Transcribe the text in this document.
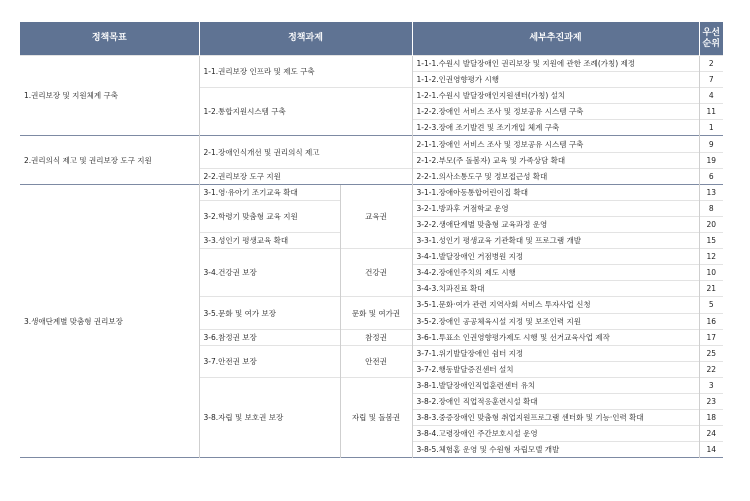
정책목표	정책과제		세부추진과제	우선
순위
1.권리보장 및 지원체계 구축	1-1.권리보장 인프라 및 제도 구축		1-1-1.수원시 발달장애인 권리보장 및 지원에 관한 조례(가칭) 제정	2
			1-1-2.인권영향평가 시행	7
	1-2.통합지원시스템 구축		1-2-1.수원시 발달장애인지원센터(가칭) 설치	4
			1-2-2.장애인 서비스 조사 및 정보공유 시스템 구축	11
			1-2-3.장애 조기발견 및 조기개입 체계 구축	1
2.권리의식 제고 및 권리보장 도구 지원	2-1.장애인식개선 및 권리의식 제고		2-1-1.장애인 서비스 조사 및 정보공유 시스템 구축	9
			2-1-2.부모(주 돌봄자) 교육 및 가족상담 확대	19
	2-2.권리보장 도구 지원		2-2-1.의사소통도구 및 정보접근성 확대	6
3.생애단계별 맞춤형 권리보장	3-1.영·유아기 조기교육 확대	교육권	3-1-1.장애아동통합어린이집 확대	13
	3-2.학령기 맞춤형 교육 지원		3-2-1.방과후 거점학교 운영	8
			3-2-2.생애단계별 맞춤형 교육과정 운영	20
	3-3.성인기 평생교육 확대		3-3-1.성인기 평생교육 기관확대 및 프로그램 개발	15
	3-4.건강권 보장	건강권	3-4-1.발달장애인 거점병원 지정	12
			3-4-2.장애인주치의 제도 시행	10
			3-4-3.치과진료 확대	21
	3-5.문화 및 여가 보장	문화 및 여가권	3-5-1.문화·여가 관련 지역사회 서비스 투자사업 신청	5
			3-5-2.장애인 공공체육시설 지정 및 보조인력 지원	16
	3-6.참정권 보장	참정권	3-6-1.투표소 인권영향평가제도 시행 및 선거교육사업 제작	17
	3-7.안전권 보장	안전권	3-7-1.위기발달장애인 쉼터 지정	25
			3-7-2.행동발달증진센터 설치	22
	3-8.자립 및 보호권 보장	자립 및 돌봄권	3-8-1.발달장애인직업훈련센터 유치	3
			3-8-2.장애인 직업적응훈련시설 확대	23
			3-8-3.중증장애인 맞춤형 취업지원프로그램 센터화 및 기능·인력 확대	18
			3-8-4.고령장애인 주간보호시설 운영	24
			3-8-5.체험홈 운영 및 수원형 자립모델 개발	14
